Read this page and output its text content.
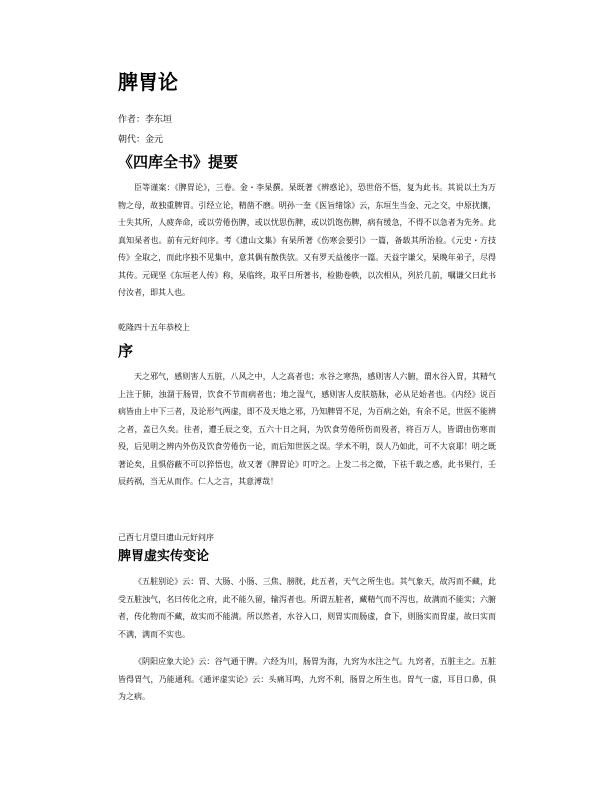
脾胃论
作者：李东垣
朝代：金元
《四库全书》提要

臣等谨案：《脾胃论》，三卷。金・李杲撰。杲既著《辨惑论》，恐世俗不悟，复为此书。其说以土为万物之母，故独重脾胃。引经立论，精凿不磨。明孙一奎《医旨绪馀》云，东垣生当金、元之交，中原扰攘，士失其所，人疲奔命，或以劳倦伤脾，或以忧思伤脾，或以饥饱伤脾，病有缓急，不得不以急者为先务。此真知杲者也。前有元好问序。考《遗山文集》有杲所著《伤寒会要引》一篇，备载其所治验。《元史・方技传》全取之，而此序独不见集中，意其偶有散佚欤。又有罗天益後序一篇。天益字谦父，杲晚年弟子，尽得其传。元砚坚《东垣老人传》称，杲临终，取平日所著书，检勘卷帙，以次相从，列於几前，嘱谦父曰此书付汝者，即其人也。

乾隆四十五年恭校上
序

天之邪气，感则害人五脏，八风之中，人之高者也；水谷之寒热，感则害人六腑，谓水谷入胃，其精气上注于肺，浊溜于肠胃，饮食不节而病者也；地之湿气，感则害人皮肤筋脉，必从足始者也。《内经》说百病皆由上中下三者，及论形气两虚，即不及天地之邪，乃知脾胃不足，为百病之始，有余不足，世医不能辨之者，盖已久矣。往者，遭壬辰之变，五六十日之间，为饮食劳倦所伤而殁者，将百万人，皆谓由伤寒而殁，后见明之辨内外伤及饮食劳倦伤一论，而后知世医之误。学术不明，误人乃如此，可不大哀耶！明之既著论矣，且惧俗蔽不可以猝悟也，故又著《脾胃论》叮咛之。上发二书之微，下祛千载之惑，此书果行，壬辰药祸，当无从而作。仁人之言，其意溥哉！

己酉七月望日遗山元好问序
脾胃虚实传变论

《五脏别论》云：胃、大肠、小肠、三焦、膀胱，此五者，天气之所生也。其气象天，故泻而不藏，此受五脏浊气，名曰传化之府，此不能久留，输泻者也。所谓五脏者，藏精气而不泻也，故满而不能实；六腑者，传化物而不藏，故实而不能满。所以然者，水谷入口，则胃实而肠虚，食下，则肠实而胃虚，故曰实而不满，满而不实也。

《阴阳应象大论》云：谷气通于脾。六经为川，肠胃为海，九窍为水注之气。九窍者，五脏主之。五脏皆得胃气，乃能通利。《通评虚实论》云：头痛耳鸣，九窍不利，肠胃之所生也。胃气一虚，耳目口鼻，俱为之病。
